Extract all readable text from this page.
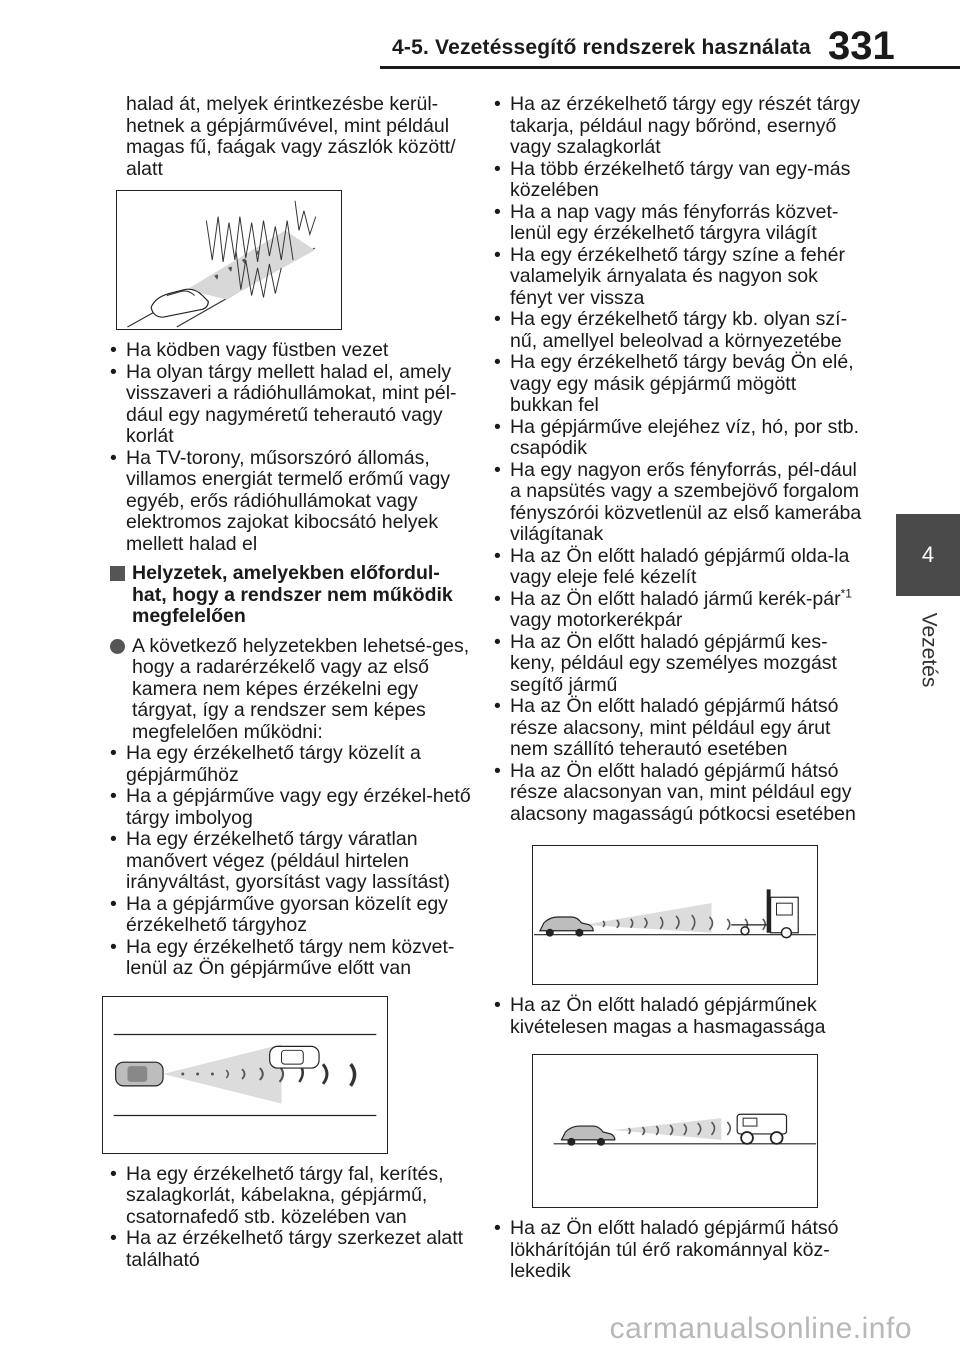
4-5. Vezetéssegítő rendszerek használata 331
4
Vezetés

halad át, melyek érintkezésbe kerül-hetnek a gépjárművével, mint például magas fű, faágak vagy zászlók között/ alatt

• Ha ködben vagy füstben vezet
• Ha olyan tárgy mellett halad el, amely visszaveri a rádióhullámokat, mint pél-dául egy nagyméretű teherautó vagy korlát
• Ha TV-torony, műsorszóró állomás, villamos energiát termelő erőmű vagy egyéb, erős rádióhullámokat vagy elektromos zajokat kibocsátó helyek mellett halad el
Helyzetek, amelyekben előfordul-hat, hogy a rendszer nem működik megfelelően
A következő helyzetekben lehetsé-ges, hogy a radarérzékelő vagy az első kamera nem képes érzékelni egy tárgyat, így a rendszer sem képes megfelelően működni:
• Ha egy érzékelhető tárgy közelít a gépjárműhöz
• Ha a gépjárműve vagy egy érzékel-hető tárgy imbolyog
• Ha egy érzékelhető tárgy váratlan manővert végez (például hirtelen irányváltást, gyorsítást vagy lassítást)
• Ha a gépjárműve gyorsan közelít egy érzékelhető tárgyhoz
• Ha egy érzékelhető tárgy nem közvet-lenül az Ön gépjárműve előtt van
• Ha egy érzékelhető tárgy fal, kerítés, szalagkorlát, kábelakna, gépjármű, csatornafedő stb. közelében van
• Ha az érzékelhető tárgy szerkezet alatt található
• Ha az érzékelhető tárgy egy részét tárgy takarja, például nagy bőrönd, esernyő vagy szalagkorlát
• Ha több érzékelhető tárgy van egy-más közelében
• Ha a nap vagy más fényforrás közvet-lenül egy érzékelhető tárgyra világít
• Ha egy érzékelhető tárgy színe a fehér valamelyik árnyalata és nagyon sok fényt ver vissza
• Ha egy érzékelhető tárgy kb. olyan szí-nű, amellyel beleolvad a környezetébe
• Ha egy érzékelhető tárgy bevág Ön elé, vagy egy másik gépjármű mögött bukkan fel
• Ha gépjárműve elejéhez víz, hó, por stb. csapódik
• Ha egy nagyon erős fényforrás, pél-dául a napsütés vagy a szembejövő forgalom fényszórói közvetlenül az első kamerába világítanak
• Ha az Ön előtt haladó gépjármű olda-la vagy eleje felé kézelít
• Ha az Ön előtt haladó jármű kerék-pár$^{*1}$ vagy motorkerékpár
• Ha az Ön előtt haladó gépjármű kes-keny, például egy személyes mozgást segítő jármű
• Ha az Ön előtt haladó gépjármű hátsó része alacsony, mint például egy árut nem szállító teherautó esetében
• Ha az Ön előtt haladó gépjármű hátsó része alacsonyan van, mint például egy alacsony magasságú pótkocsi esetében
• Ha az Ön előtt haladó gépjárműnek kivételesen magas a hasmagassága
• Ha az Ön előtt haladó gépjármű hátsó lökhárítóján túl érő rakománnyal köz-lekedik
carmanualsonline.info
